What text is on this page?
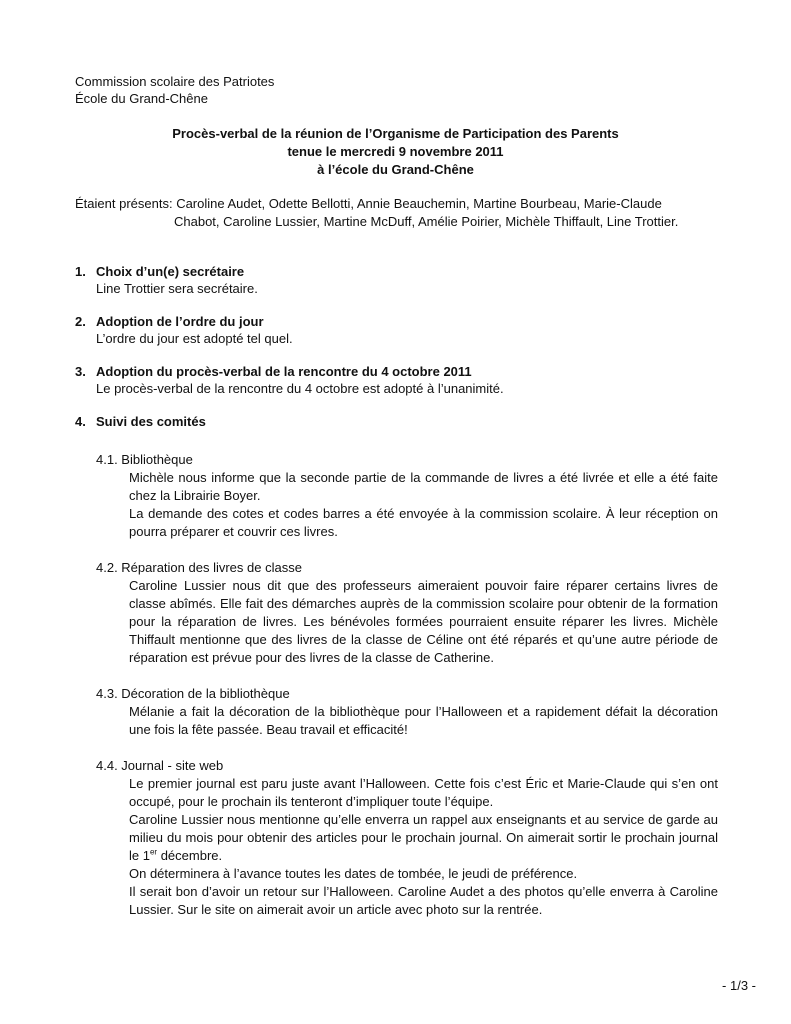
Commission scolaire des Patriotes
École du Grand-Chêne
Procès-verbal de la réunion de l’Organisme de Participation des Parents
tenue le mercredi 9 novembre 2011
à l’école du Grand-Chêne
Étaient présents: Caroline Audet, Odette Bellotti, Annie Beauchemin, Martine Bourbeau, Marie-Claude
Chabot, Caroline Lussier, Martine McDuff, Amélie Poirier, Michèle Thiffault, Line Trottier.
1. Choix d’un(e) secrétaire
Line Trottier sera secrétaire.
2. Adoption de l’ordre du jour
L’ordre du jour est adopté tel quel.
3. Adoption du procès-verbal de la rencontre du 4 octobre 2011
Le procès-verbal de la rencontre du 4 octobre est adopté à l’unanimité.
4. Suivi des comités
4.1. Bibliothèque

Michèle nous informe que la seconde partie de la commande de livres a été livrée et elle a été faite chez la Librairie Boyer.

La demande des cotes et codes barres a été envoyée à la commission scolaire. À leur réception on pourra préparer et couvrir ces livres.

4.2. Réparation des livres de classe

Caroline Lussier nous dit que des professeurs aimeraient pouvoir faire réparer certains livres de classe abîmés. Elle fait des démarches auprès de la commission scolaire pour obtenir de la formation pour la réparation de livres. Les bénévoles formées pourraient ensuite réparer les livres. Michèle Thiffault mentionne que des livres de la classe de Céline ont été réparés et qu’une autre période de réparation est prévue pour des livres de la classe de Catherine.

4.3. Décoration de la bibliothèque

Mélanie a fait la décoration de la bibliothèque pour l’Halloween et a rapidement défait la décoration une fois la fête passée. Beau travail et efficacité!

4.4. Journal - site web

Le premier journal est paru juste avant l’Halloween. Cette fois c’est Éric et Marie-Claude qui s’en ont occupé, pour le prochain ils tenteront d’impliquer toute l’équipe.

Caroline Lussier nous mentionne qu’elle enverra un rappel aux enseignants et au service de garde au milieu du mois pour obtenir des articles pour le prochain journal. On aimerait sortir le prochain journal le 1er décembre.

On déterminera à l’avance toutes les dates de tombée, le jeudi de préférence.

Il serait bon d’avoir un retour sur l’Halloween. Caroline Audet a des photos qu’elle enverra à Caroline Lussier. Sur le site on aimerait avoir un article avec photo sur la rentrée.

- 1/3 -
